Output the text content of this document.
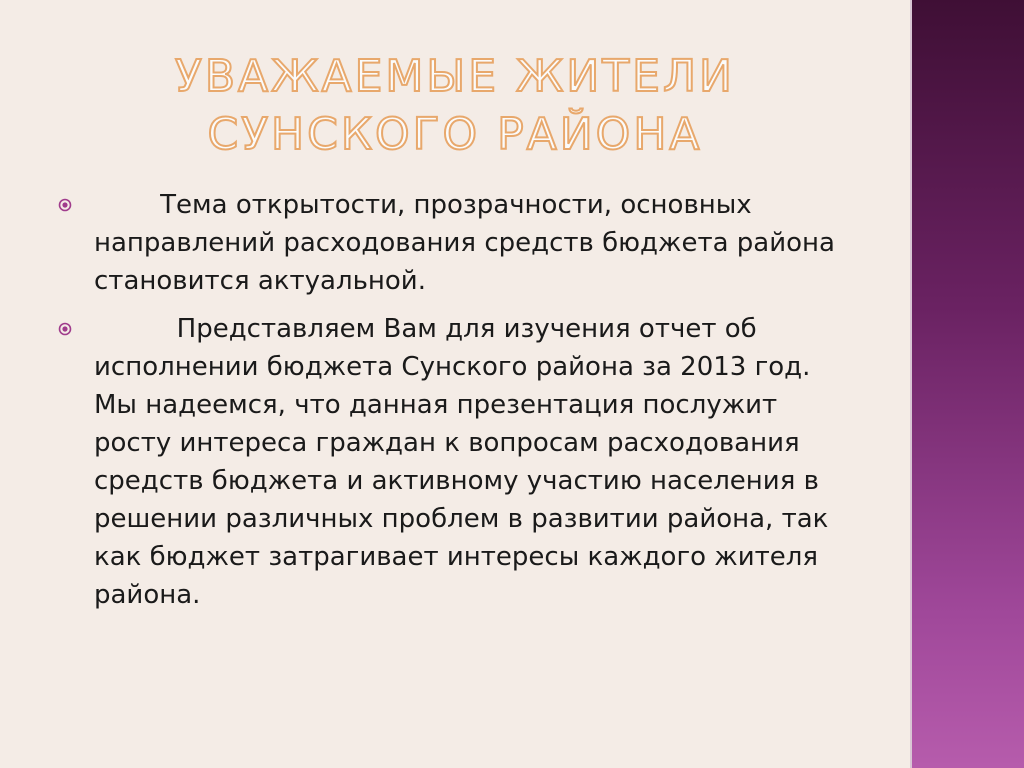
УВАЖАЕМЫЕ ЖИТЕЛИ СУНСКОГО РАЙОНА
Тема открытости, прозрачности, основных направлений расходования средств бюджета района становится актуальной.
Представляем Вам для изучения отчет об исполнении бюджета Сунского района за 2013 год. Мы надеемся, что данная презентация послужит росту интереса граждан к вопросам расходования средств бюджета и активному участию населения в решении различных проблем в развитии района, так как бюджет затрагивает интересы каждого жителя района.
